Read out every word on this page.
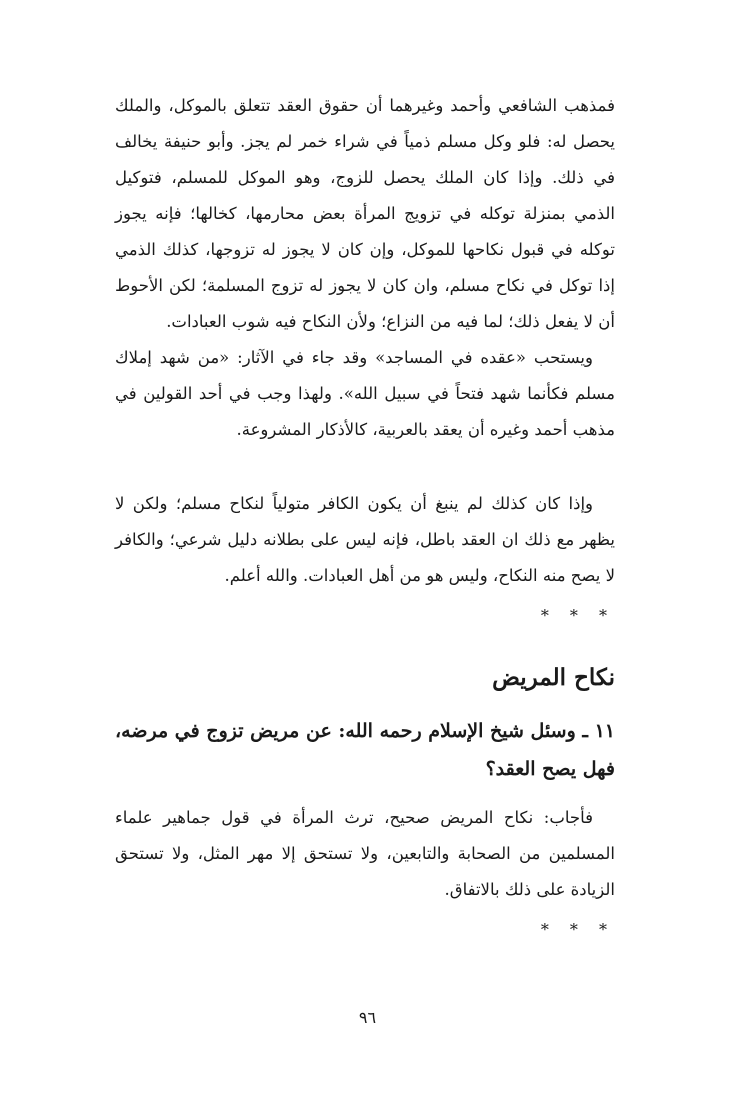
فمذهب الشافعي وأحمد وغيرهما أن حقوق العقد تتعلق بالموكل، والملك يحصل له: فلو وكل مسلم ذمياً في شراء خمر لم يجز. وأبو حنيفة يخالف في ذلك. وإذا كان الملك يحصل للزوج، وهو الموكل للمسلم، فتوكيل الذمي بمنزلة توكله في تزويج المرأة بعض محارمها، كخالها؛ فإنه يجوز توكله في قبول نكاحها للموكل، وإن كان لا يجوز له تزوجها، كذلك الذمي إذا توكل في نكاح مسلم، وان كان لا يجوز له تزوج المسلمة؛ لكن الأحوط أن لا يفعل ذلك؛ لما فيه من النزاع؛ ولأن النكاح فيه شوب العبادات.

ويستحب «عقده في المساجد» وقد جاء في الآثار: «من شهد إملاك مسلم فكأنما شهد فتحاً في سبيل الله». ولهذا وجب في أحد القولين في مذهب أحمد وغيره أن يعقد بالعربية، كالأذكار المشروعة.

وإذا كان كذلك لم ينبغ أن يكون الكافر متولياً لنكاح مسلم؛ ولكن لا يظهر مع ذلك ان العقد باطل، فإنه ليس على بطلانه دليل شرعي؛ والكافر لا يصح منه النكاح، وليس هو من أهل العبادات. والله أعلم.

* * *
نكاح المريض
١١ ـ وسئل شيخ الإسلام رحمه الله: عن مريض تزوج في مرضه، فهل يصح العقد؟

فأجاب: نكاح المريض صحيح، ترث المرأة في قول جماهير علماء المسلمين من الصحابة والتابعين، ولا تستحق إلا مهر المثل، ولا تستحق الزيادة على ذلك بالاتفاق.

* * *
٩٦
